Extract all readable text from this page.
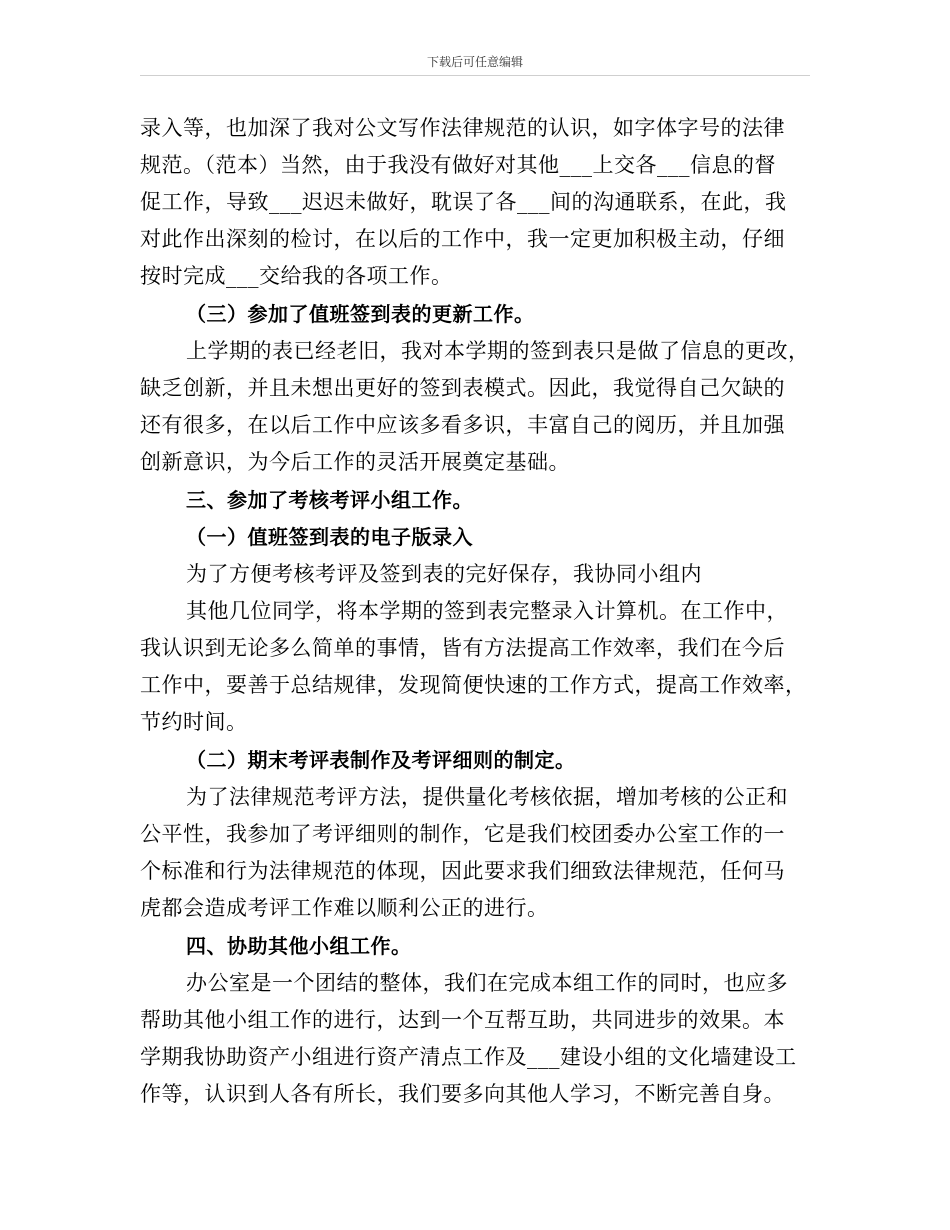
下载后可任意编辑
录入等，也加深了我对公文写作法律规范的认识，如字体字号的法律
规范。（范本）当然，由于我没有做好对其他___上交各___信息的督
促工作，导致___迟迟未做好，耽误了各___间的沟通联系，在此，我
对此作出深刻的检讨，在以后的工作中，我一定更加积极主动，仔细
按时完成___交给我的各项工作。
（三）参加了值班签到表的更新工作。
上学期的表已经老旧，我对本学期的签到表只是做了信息的更改，
缺乏创新，并且未想出更好的签到表模式。因此，我觉得自己欠缺的
还有很多，在以后工作中应该多看多识，丰富自己的阅历，并且加强
创新意识，为今后工作的灵活开展奠定基础。
三、参加了考核考评小组工作。
（一）值班签到表的电子版录入
为了方便考核考评及签到表的完好保存，我协同小组内
其他几位同学，将本学期的签到表完整录入计算机。在工作中，
我认识到无论多么简单的事情，皆有方法提高工作效率，我们在今后
工作中，要善于总结规律，发现简便快速的工作方式，提高工作效率，
节约时间。
（二）期末考评表制作及考评细则的制定。
为了法律规范考评方法，提供量化考核依据，增加考核的公正和
公平性，我参加了考评细则的制作，它是我们校团委办公室工作的一
个标准和行为法律规范的体现，因此要求我们细致法律规范，任何马
虎都会造成考评工作难以顺利公正的进行。
四、协助其他小组工作。
办公室是一个团结的整体，我们在完成本组工作的同时，也应多
帮助其他小组工作的进行，达到一个互帮互助，共同进步的效果。本
学期我协助资产小组进行资产清点工作及___建设小组的文化墙建设工
作等，认识到人各有所长，我们要多向其他人学习，不断完善自身。
